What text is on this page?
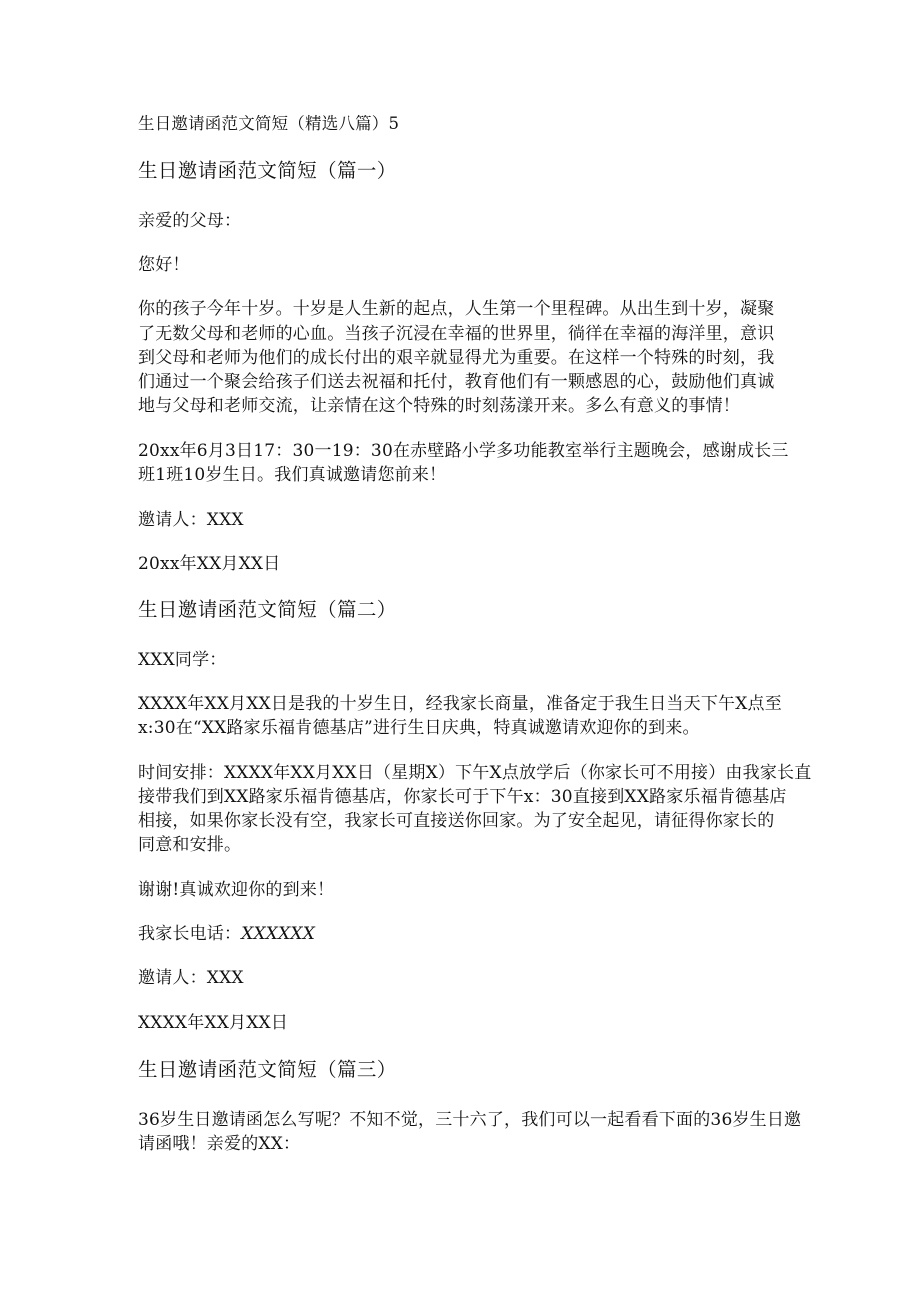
生日邀请函范文简短（精选八篇）5
生日邀请函范文简短（篇一）
亲爱的父母：
您好！
你的孩子今年十岁。十岁是人生新的起点，人生第一个里程碑。从出生到十岁，凝聚
了无数父母和老师的心血。当孩子沉浸在幸福的世界里，徜徉在幸福的海洋里，意识
到父母和老师为他们的成长付出的艰辛就显得尤为重要。在这样一个特殊的时刻，我
们通过一个聚会给孩子们送去祝福和托付，教育他们有一颗感恩的心，鼓励他们真诚
地与父母和老师交流，让亲情在这个特殊的时刻荡漾开来。多么有意义的事情！
20xx年6月3日17：30一19：30在赤壁路小学多功能教室举行主题晚会，感谢成长三
班1班10岁生日。我们真诚邀请您前来！
邀请人：XXX
20xx年XX月XX日
生日邀请函范文简短（篇二）
XXX同学：
XXXX年XX月XX日是我的十岁生日，经我家长商量，准备定于我生日当天下午X点至
x:30在“XX路家乐福肯德基店”进行生日庆典，特真诚邀请欢迎你的到来。
时间安排：XXXX年XX月XX日（星期X）下午X点放学后（你家长可不用接）由我家长直
接带我们到XX路家乐福肯德基店，你家长可于下午x：30直接到XX路家乐福肯德基店
相接，如果你家长没有空，我家长可直接送你回家。为了安全起见，请征得你家长的
同意和安排。
谢谢!真诚欢迎你的到来！
我家长电话：XXXXXX
邀请人：XXX
XXXX年XX月XX日
生日邀请函范文简短（篇三）
36岁生日邀请函怎么写呢？不知不觉，三十六了，我们可以一起看看下面的36岁生日邀
请函哦！亲爱的XX：
